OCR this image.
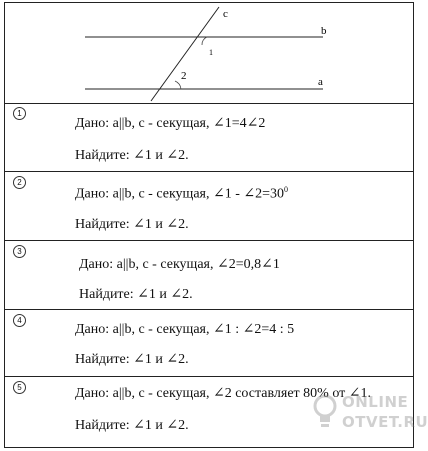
c
b
a
1
2
1
Дано: a||b, c - секущая, ∠1=4∠2
Найдите: ∠1 и ∠2.
2
Дано: a||b, c - секущая, ∠1 - $\angle 2=30^0$
Найдите: ∠1 и ∠2.
3
Дано: a||b, c - секущая, ∠2=0,8∠1
Найдите: ∠1 и ∠2.
4
Дано: a||b, c - секущая, ∠1 : ∠2=4 : 5
Найдите: ∠1 и ∠2.
5	Дано: a||b, c - секущая, ∠2 составляет 80% от ∠1.
Найдите: ∠1 и ∠2.
ONLINE
OTVET.RU
